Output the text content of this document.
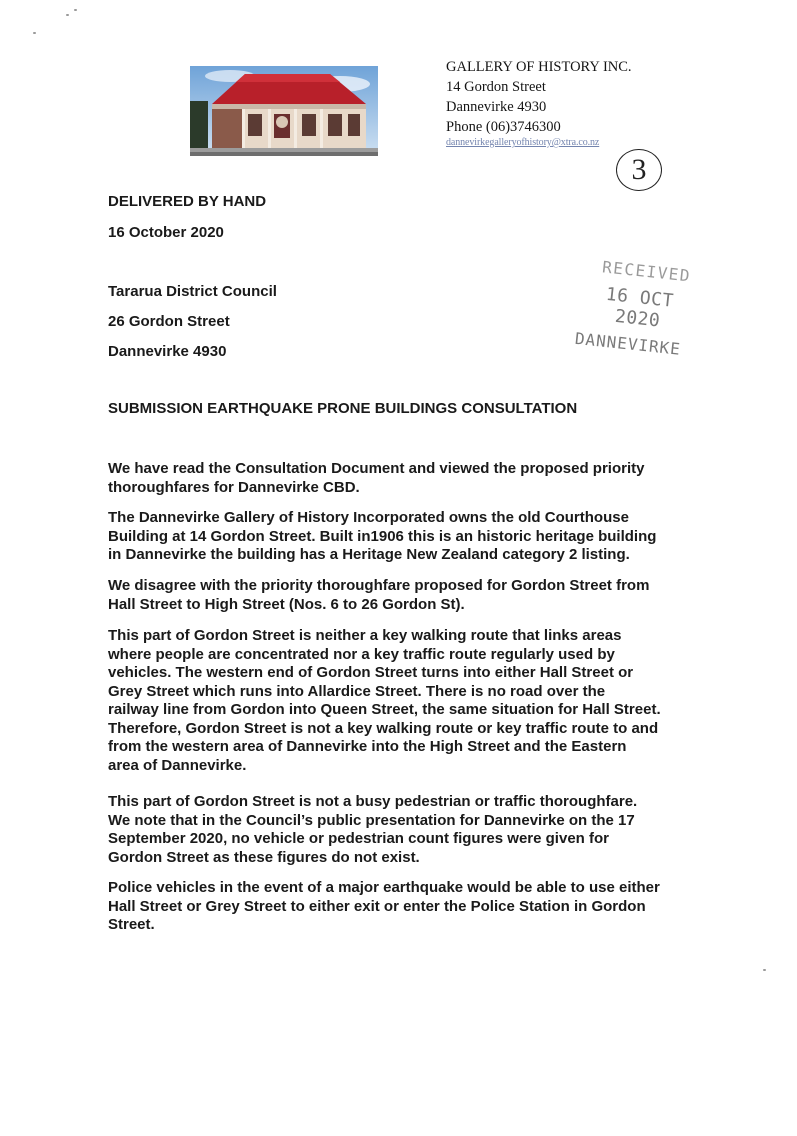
GALLERY OF HISTORY INC.
14 Gordon Street
Dannevirke 4930
Phone (06)3746300
dannevirkegalleryofhistory@xtra.co.nz
3
RECEIVED
16 OCT 2020
DANNEVIRKE
DELIVERED BY HAND
16 October 2020
Tararua District Council
26 Gordon Street
Dannevirke 4930
SUBMISSION EARTHQUAKE PRONE BUILDINGS CONSULTATION
We have read the Consultation Document and viewed the proposed priority
thoroughfares for Dannevirke CBD.
The Dannevirke Gallery of History Incorporated owns the old Courthouse
Building at 14 Gordon Street. Built in1906 this is an historic heritage building
in Dannevirke the building has a Heritage New Zealand category 2 listing.
We disagree with the priority thoroughfare proposed for Gordon Street from
Hall Street to High Street (Nos. 6 to 26 Gordon St).
This part of Gordon Street is neither a key walking route that links areas
where people are concentrated nor a key traffic route regularly used by
vehicles. The western end of Gordon Street turns into either Hall Street or
Grey Street which runs into Allardice Street. There is no road over the
railway line from Gordon into Queen Street, the same situation for Hall Street.
Therefore, Gordon Street is not a key walking route or key traffic route to and
from the western area of Dannevirke into the High Street and the Eastern
area of Dannevirke.
This part of Gordon Street is not a busy pedestrian or traffic thoroughfare.
We note that in the Council’s public presentation for Dannevirke on the 17
September 2020, no vehicle or pedestrian count figures were given for
Gordon Street as these figures do not exist.
Police vehicles in the event of a major earthquake would be able to use either
Hall Street or Grey Street to either exit or enter the Police Station in Gordon
Street.
